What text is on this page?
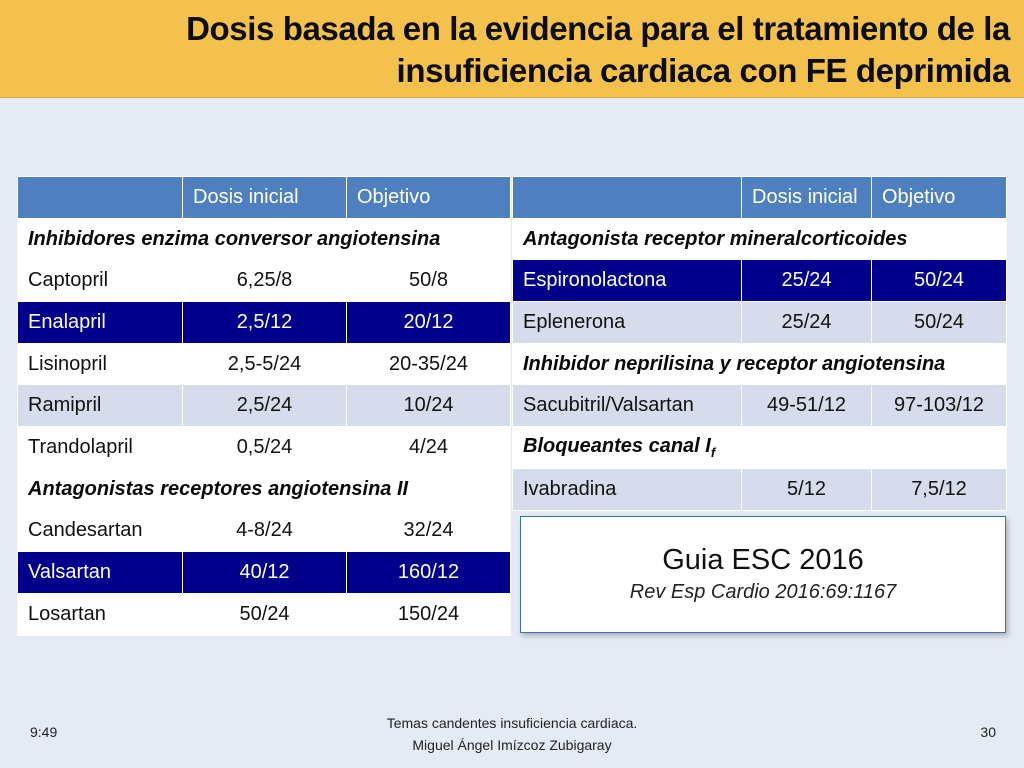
Dosis basada en la evidencia para el tratamiento de la
insuficiencia cardiaca con FE deprimida
	Dosis inicial	Objetivo
Inhibidores enzima conversor angiotensina		
Captopril	6,25/8	50/8
Enalapril	2,5/12	20/12
Lisinopril	2,5-5/24	20-35/24
Ramipril	2,5/24	10/24
Trandolapril	0,5/24	4/24
Antagonistas receptores angiotensina II		
Candesartan	4-8/24	32/24
Valsartan	40/12	160/12
Losartan	50/24	150/24
	Dosis inicial	Objetivo
Antagonista receptor mineralcorticoides		
Espironolactona	25/24	50/24
Eplenerona	25/24	50/24
Inhibidor neprilisina y receptor angiotensina		
Sacubitril/Valsartan	49-51/12	97-103/12
Bloqueantes canal $I_f$
Ivabradina	5/12	7,5/12
Guia ESC 2016
Rev Esp Cardio 2016:69:1167
9:49
Temas candentes insuficiencia cardiaca.
Miguel Ángel Imízcoz Zubigaray
30
